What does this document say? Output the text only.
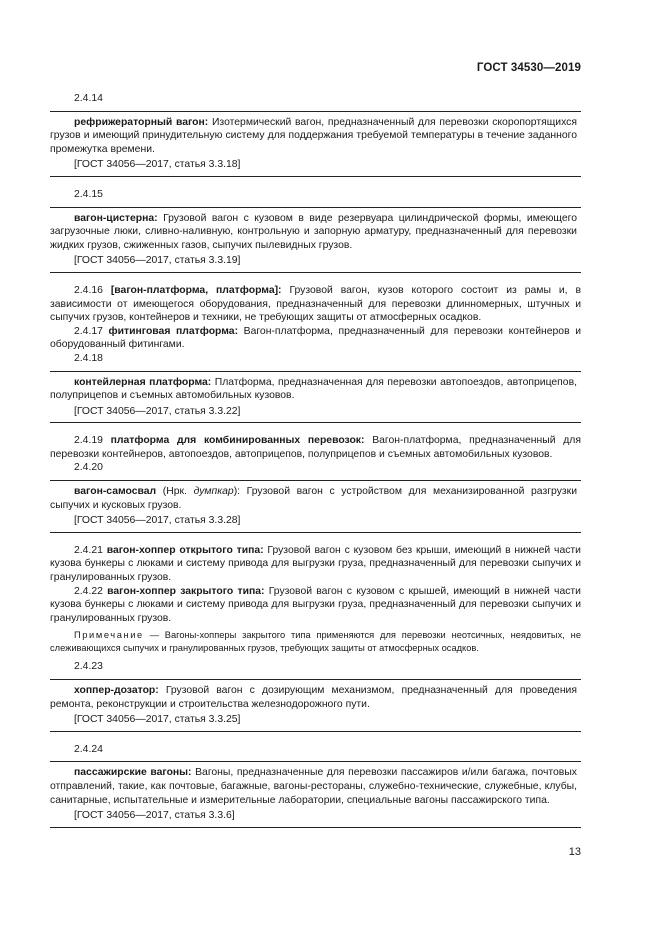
ГОСТ 34530—2019
2.4.14

рефрижераторный вагон: Изотермический вагон, предназначенный для перевозки скоропортящихся грузов и имеющий принудительную систему для поддержания требуемой температуры в течение заданного промежутка времени.

[ГОСТ 34056—2017, статья 3.3.18]

2.4.15

вагон-цистерна: Грузовой вагон с кузовом в виде резервуара цилиндрической формы, имеющего загрузочные люки, сливно-наливную, контрольную и запорную арматуру, предназначенный для перевозки жидких грузов, сжиженных газов, сыпучих пылевидных грузов.

[ГОСТ 34056—2017, статья 3.3.19]

2.4.16 [вагон-платформа, платформа]: Грузовой вагон, кузов которого состоит из рамы и, в зависимости от имеющегося оборудования, предназначенный для перевозки длинномерных, штучных и сыпучих грузов, контейнеров и техники, не требующих защиты от атмосферных осадков.

2.4.17 фитинговая платформа: Вагон-платформа, предназначенный для перевозки контейнеров и оборудованный фитингами.

2.4.18

контейлерная платформа: Платформа, предназначенная для перевозки автопоездов, автоприцепов, полуприцепов и съемных автомобильных кузовов.

[ГОСТ 34056—2017, статья 3.3.22]

2.4.19 платформа для комбинированных перевозок: Вагон-платформа, предназначенный для перевозки контейнеров, автопоездов, автоприцепов, полуприцепов и съемных автомобильных кузовов.

2.4.20

вагон-самосвал (Нрк. думпкар): Грузовой вагон с устройством для механизированной разгрузки сыпучих и кусковых грузов.

[ГОСТ 34056—2017, статья 3.3.28]

2.4.21 вагон-хоппер открытого типа: Грузовой вагон с кузовом без крыши, имеющий в нижней части кузова бункеры с люками и систему привода для выгрузки груза, предназначенный для перевозки сыпучих и гранулированных грузов.

2.4.22 вагон-хоппер закрытого типа: Грузовой вагон с кузовом с крышей, имеющий в нижней части кузова бункеры с люками и систему привода для выгрузки груза, предназначенный для перевозки сыпучих и гранулированных грузов.

Примечание — Вагоны-хопперы закрытого типа применяются для перевозки неотсичных, неядовитых, не слеживающихся сыпучих и гранулированных грузов, требующих защиты от атмосферных осадков.

2.4.23

хоппер-дозатор: Грузовой вагон с дозирующим механизмом, предназначенный для проведения ремонта, реконструкции и строительства железнодорожного пути.

[ГОСТ 34056—2017, статья 3.3.25]

2.4.24

пассажирские вагоны: Вагоны, предназначенные для перевозки пассажиров и/или багажа, почтовых отправлений, такие, как почтовые, багажные, вагоны-рестораны, служебно-технические, служебные, клубы, санитарные, испытательные и измерительные лаборатории, специальные вагоны пассажирского типа.

[ГОСТ 34056—2017, статья 3.3.6]

13
